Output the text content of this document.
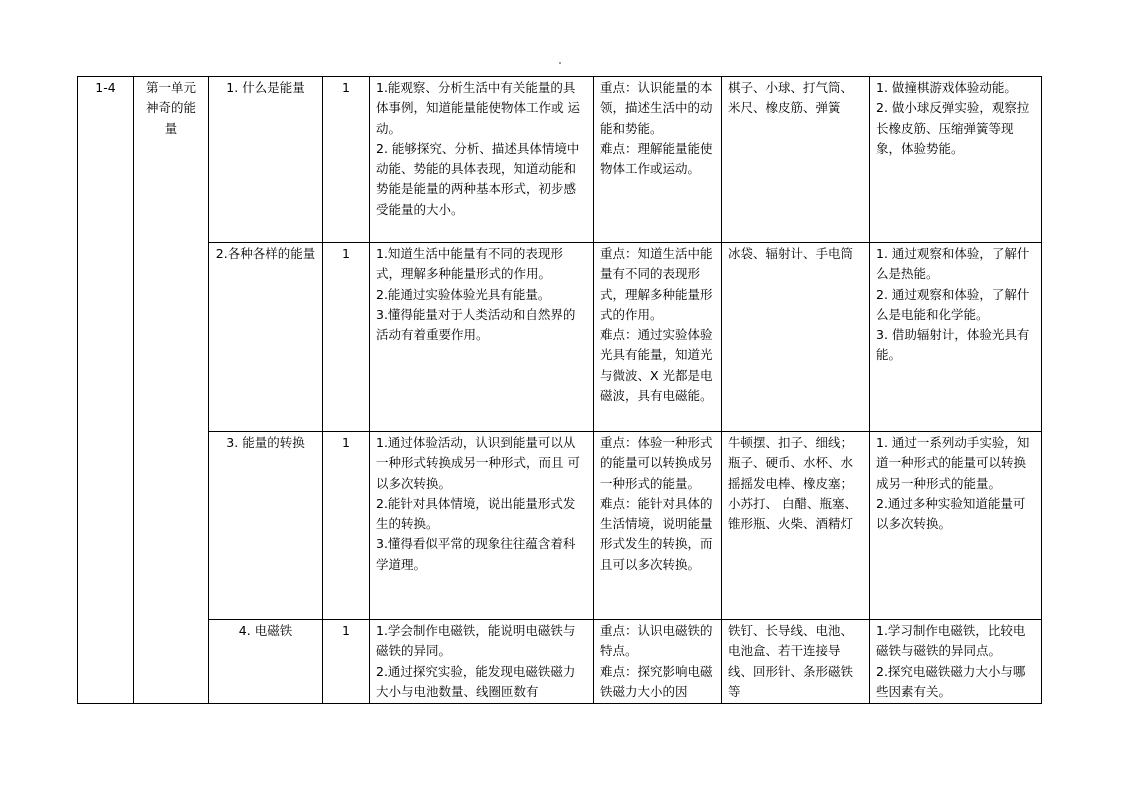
1-4	第一单元
神奇的能
量	1. 什么是能量	1	1.能观察、分析生活中有关能量的具体事例，知道能量能使物体工作或 运动。
2. 能够探究、分析、描述具体情境中动能、势能的具体表现，知道动能和势能是能量的两种基本形式，初步感受能量的大小。	重点：认识能量的本领，描述生活中的动能和势能。
难点：理解能量能使物体工作或运动。	棋子、小球、打气筒、米尺、橡皮筋、弹簧	1. 做撞棋游戏体验动能。
2. 做小球反弹实验，观察拉长橡皮筋、压缩弹簧等现象，体验势能。

		2.各种各样的能量	1	1.知道生活中能量有不同的表现形式，理解多种能量形式的作用。
2.能通过实验体验光具有能量。
3.懂得能量对于人类活动和自然界的活动有着重要作用。	重点：知道生活中能量有不同的表现形式，理解多种能量形式的作用。
难点：通过实验体验光具有能量，知道光与微波、X 光都是电磁波，具有电磁能。	冰袋、辐射计、手电筒	1. 通过观察和体验，了解什么是热能。
2. 通过观察和体验，了解什么是电能和化学能。
3. 借助辐射计，体验光具有能。

		3. 能量的转换	1	1.通过体验活动，认识到能量可以从一种形式转换成另一种形式，而且 可以多次转换。
2.能针对具体情境，说出能量形式发生的转换。
3.懂得看似平常的现象往往蕴含着科学道理。	重点：体验一种形式的能量可以转换成另一种形式的能量。
难点：能针对具体的生活情境，说明能量形式发生的转换，而且可以多次转换。	牛顿摆、扣子、细线；瓶子、硬币、水杯、水摇摇发电棒、橡皮塞；小苏打、 白醋、瓶塞、锥形瓶、火柴、酒精灯	1. 通过一系列动手实验，知道一种形式的能量可以转换成另一种形式的能量。
2.通过多种实验知道能量可以多次转换。

		4. 电磁铁	1	1.学会制作电磁铁，能说明电磁铁与磁铁的异同。
2.通过探究实验，能发现电磁铁磁力大小与电池数量、线圈匝数有	重点：认识电磁铁的特点。
难点：探究影响电磁铁磁力大小的因	铁钉、长导线、电池、电池盒、若干连接导线、回形针、条形磁铁等	1.学习制作电磁铁，比较电磁铁与磁铁的异同点。
2.探究电磁铁磁力大小与哪些因素有关。
